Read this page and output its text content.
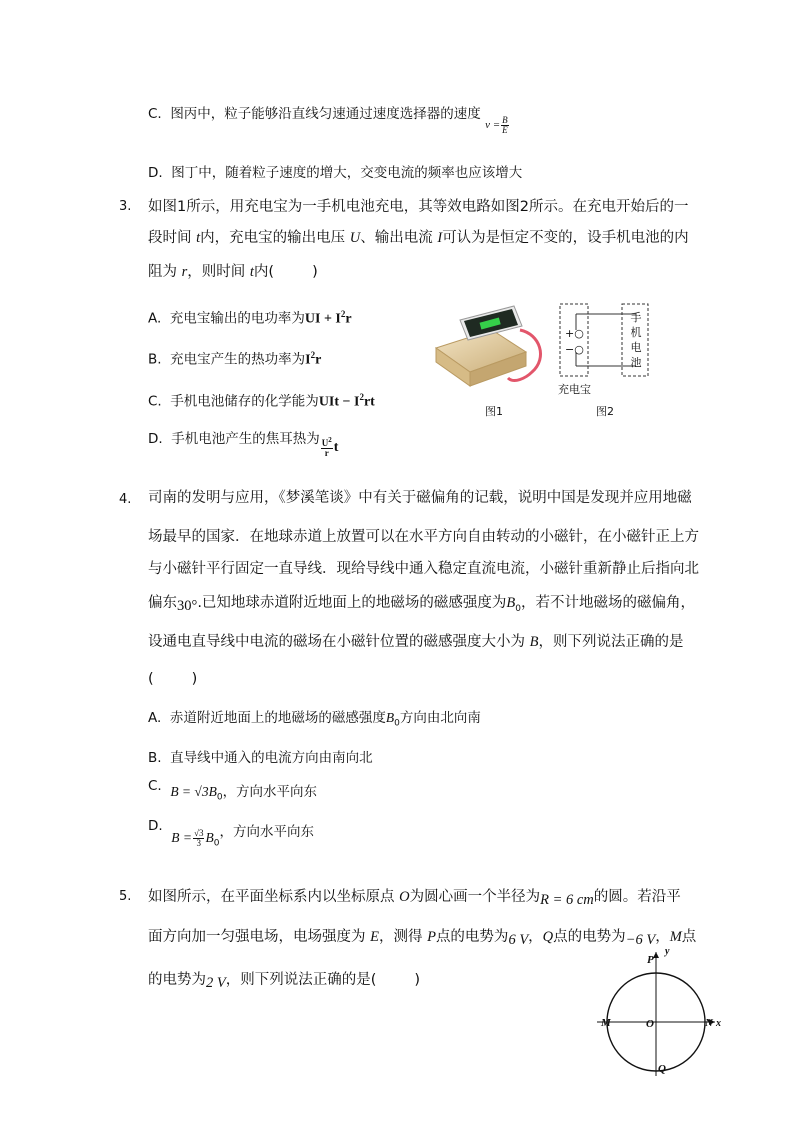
C. 图丙中，粒子能够沿直线匀速通过速度选择器的速度 $_{v = \frac{B}{E}}$
D. 图丁中，随着粒子速度的增大，交变电流的频率也应该增大
3. 如图1所示，用充电宝为一手机电池充电，其等效电路如图2所示。在充电开始后的一
段时间 t内，充电宝的输出电压 U、输出电流 I可认为是恒定不变的，设手机电池的内
阻为 r，则时间 t内(	)
A. 充电宝输出的电功率为UI + $I^2r$
B. 充电宝产生的热功率为$I^2r$
C. 手机电池储存的化学能为UIt − $I^2rt$
D. 手机电池产生的焦耳热为 $\frac{U^2}{r}$ t
图1
+○
−○
手
机
电
池
充电宝
图2
4. 司南的发明与应用，《梦溪笔谈》中有关于磁偏角的记载，说明中国是发现并应用地磁
场最早的国家．在地球赤道上放置可以在水平方向自由转动的小磁针，在小磁针正上方
与小磁针平行固定一直导线．现给导线中通入稳定直流电流，小磁针重新静止后指向北
偏东30°.已知地球赤道附近地面上的地磁场的磁感强度为$B_0$，若不计地磁场的磁偏角，
设通电直导线中电流的磁场在小磁针位置的磁感强度大小为 B，则下列说法正确的是
(	)
A. 赤道附近地面上的地磁场的磁感强度$B_0$方向由北向南
B. 直导线中通入的电流方向由南向北
C. $B = √3B_0$，方向水平向东
D.  $B = \frac{√3}{3} B_0$，方向水平向东
5. 如图所示，在平面坐标系内以坐标原点 O为圆心画一个半径为R = 6 cm的圆。若沿平
面方向加一匀强电场，电场强度为 E，测得 P点的电势为6 V，Q点的电势为−6 V，M点
的电势为2 V，则下列说法正确的是(	)
y
P
M	O	N x
Q
